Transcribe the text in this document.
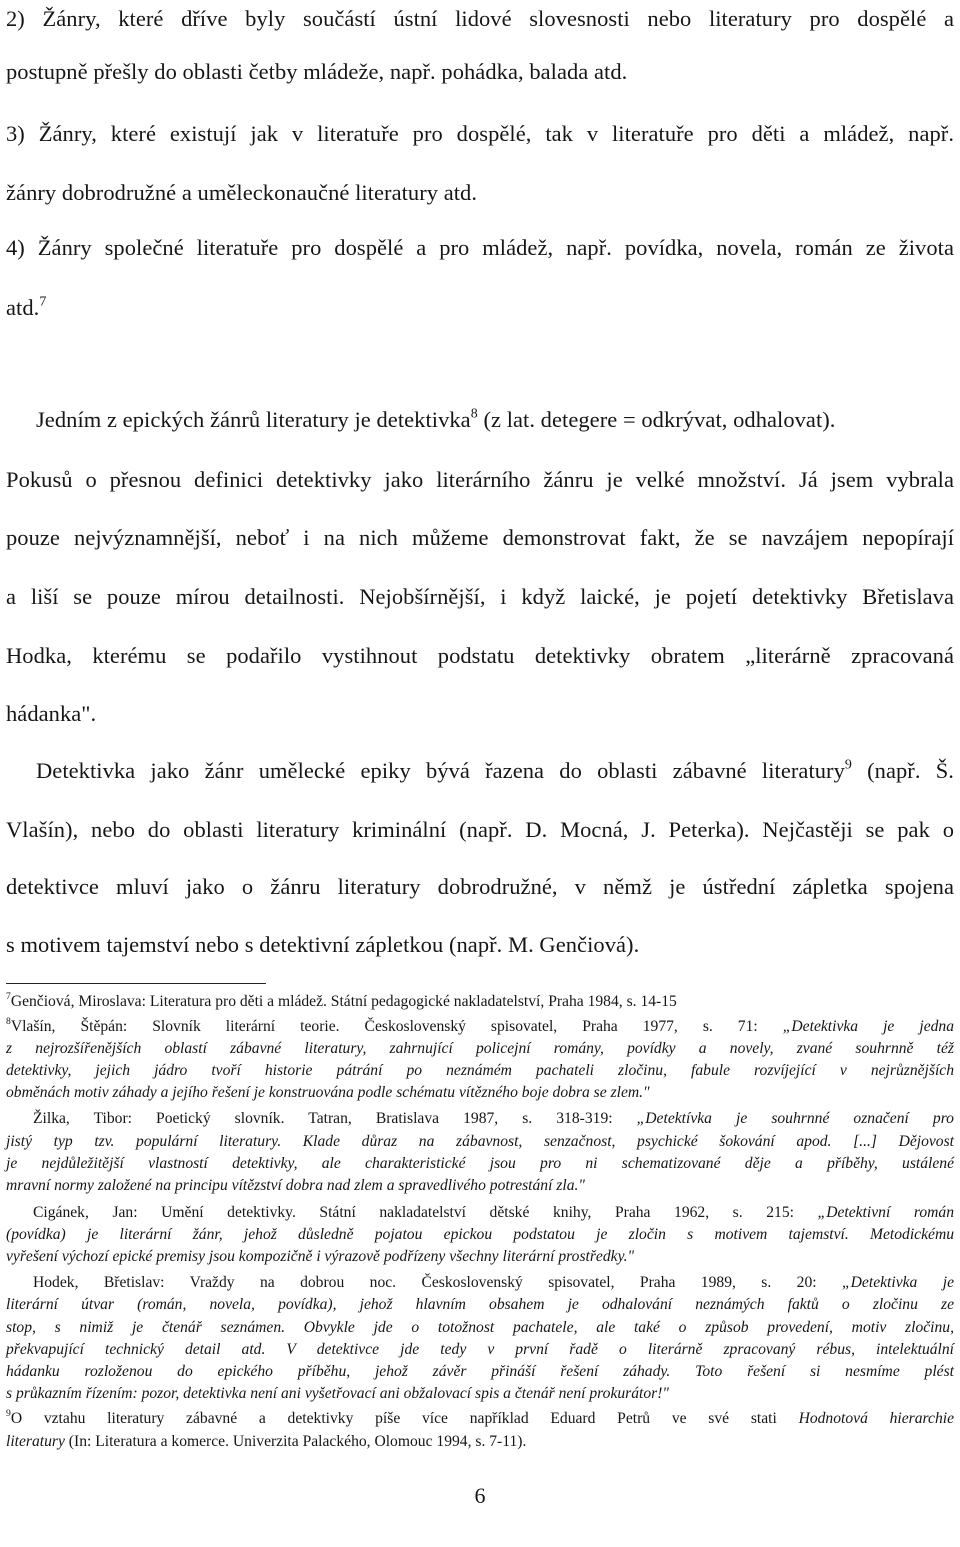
2) Žánry, které dříve byly součástí ústní lidové slovesnosti nebo literatury pro dospělé a
postupně přešly do oblasti četby mládeže, např. pohádka, balada atd.
3) Žánry, které existují jak v literatuře pro dospělé, tak v literatuře pro děti a mládež, např.
žánry dobrodružné a uměleckonaučné literatury atd.
4) Žánry společné literatuře pro dospělé a pro mládež, např. povídka, novela, román ze života
atd.$^7$
Jedním z epických žánrů literatury je detektivka$^8$ (z lat. detegere = odkrývat, odhalovat).
Pokusů o přesnou definici detektivky jako literárního žánru je velké množství. Já jsem vybrala
pouze nejvýznamnější, neboť i na nich můžeme demonstrovat fakt, že se navzájem nepopírají
a liší se pouze mírou detailnosti. Nejobšírnější, i když laické, je pojetí detektivky Břetislava
Hodka, kterému se podařilo vystihnout podstatu detektivky obratem „literárně zpracovaná
hádanka".
Detektivka jako žánr umělecké epiky bývá řazena do oblasti zábavné literatury$^9$ (např. Š.
Vlašín), nebo do oblasti literatury kriminální (např. D. Mocná, J. Peterka). Nejčastěji se pak o
detektivce mluví jako o žánru literatury dobrodružné, v němž je ústřední zápletka spojena
s motivem tajemství nebo s detektivní zápletkou (např. M. Genčiová).
$^7$Genčiová, Miroslava: Literatura pro děti a mládež. Státní pedagogické nakladatelství, Praha 1984, s. 14-15
$^8$Vlašín, Štěpán: Slovník literární teorie. Československý spisovatel, Praha 1977, s. 71: „Detektivka je jedna
z nejrozšířenějších oblastí zábavné literatury, zahrnující policejní romány, povídky a novely, zvané souhrnně též
detektivky, jejich jádro tvoří historie pátrání po neznámém pachateli zločinu, fabule rozvíjející v nejrůznějších
obměnách motiv záhady a jejího řešení je konstruována podle schématu vítězného boje dobra se zlem."
Žilka, Tibor: Poetický slovník. Tatran, Bratislava 1987, s. 318-319: „Detektívka je souhrnné označení pro
jistý typ tzv. populární literatury. Klade důraz na zábavnost, senzačnost, psychické šokování apod. [...] Dějovost
je nejdůležitější vlastností detektivky, ale charakteristické jsou pro ni schematizované děje a příběhy, ustálené
mravní normy založené na principu vítězství dobra nad zlem a spravedlivého potrestání zla."
Cigánek, Jan: Umění detektivky. Státní nakladatelství dětské knihy, Praha 1962, s. 215: „Detektivní román
(povídka) je literární žánr, jehož důsledně pojatou epickou podstatou je zločin s motivem tajemství. Metodickému
vyřešení výchozí epické premisy jsou kompozičně i výrazově podřízeny všechny literární prostředky."
Hodek, Břetislav: Vraždy na dobrou noc. Československý spisovatel, Praha 1989, s. 20: „Detektivka je
literární útvar (román, novela, povídka), jehož hlavním obsahem je odhalování neznámých faktů o zločinu ze
stop, s nimiž je čtenář seznámen. Obvykle jde o totožnost pachatele, ale také o způsob provedení, motiv zločinu,
překvapující technický detail atd. V detektivce jde tedy v první řadě o literárně zpracovaný rébus, intelektuální
hádanku rozloženou do epického příběhu, jehož závěr přináší řešení záhady. Toto řešení si nesmíme plést
s průkazním řízením: pozor, detektivka není ani vyšetřovací ani obžalovací spis a čtenář není prokurátor!"
$^9$O vztahu literatury zábavné a detektivky píše více například Eduard Petrů ve své stati Hodnotová hierarchie
literatury (In: Literatura a komerce. Univerzita Palackého, Olomouc 1994, s. 7-11).
6
